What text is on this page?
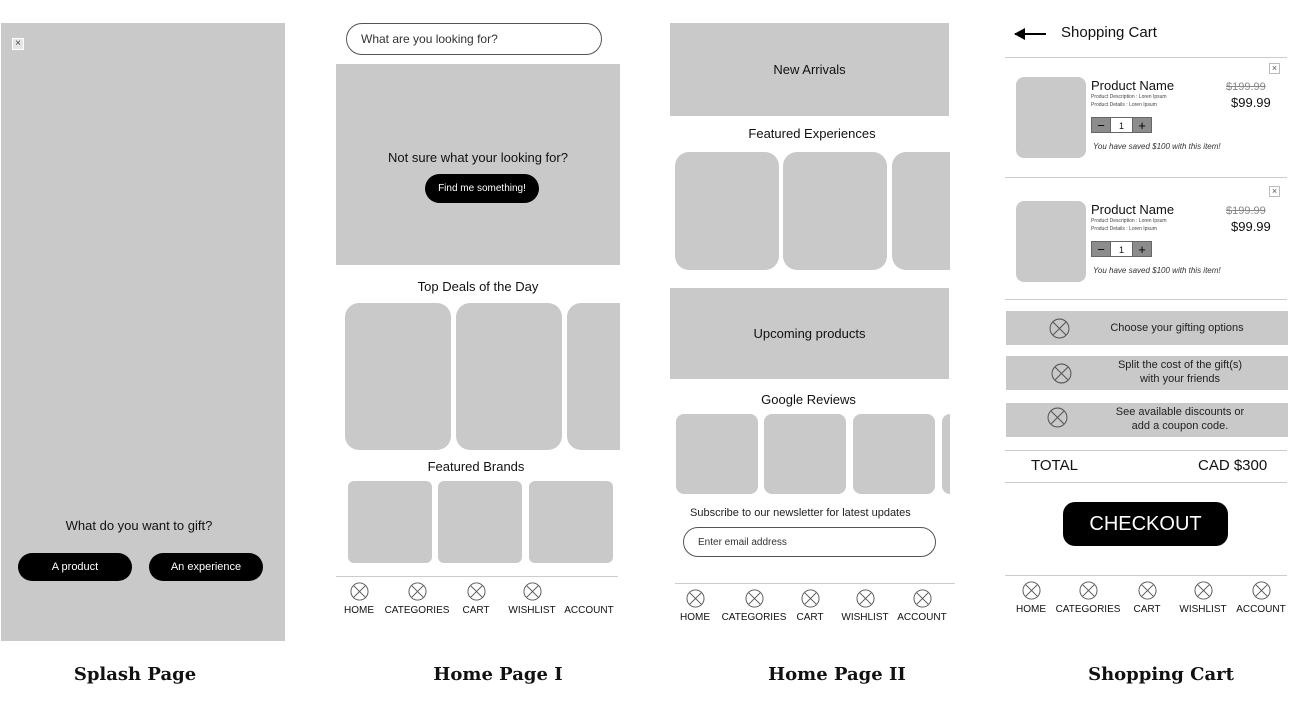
×
What do you want to gift?
A product	An experience
Splash Page
What are you looking for?
Not sure what your looking for?
Find me something!
Top Deals of the Day
Featured Brands
HOME	CATEGORIES	CART	WISHLIST ACCOUNT
Home Page I
New Arrivals
Featured Experiences
Upcoming products
Google Reviews
Subscribe to our newsletter for latest updates
Enter email address
HOME	CATEGORIES	CART	WISHLIST ACCOUNT
Home Page II
Shopping Cart
×
Product Name
Product Description : Loren Ipsum
Product Details : Loren Ipsum
$199.99
$99.99
−	1	+
You have saved $100 with this item!
×
Product Name
Product Description : Loren Ipsum
Product Details : Loren Ipsum
$199.99
$99.99
−	1	+
You have saved $100 with this item!
Choose your gifting options
Split the cost of the gift(s)
with your friends
See available discounts or
add a coupon code.
TOTAL	CAD $300
CHECKOUT
HOME CATEGORIES	CART	WISHLIST ACCOUNT
Shopping Cart
